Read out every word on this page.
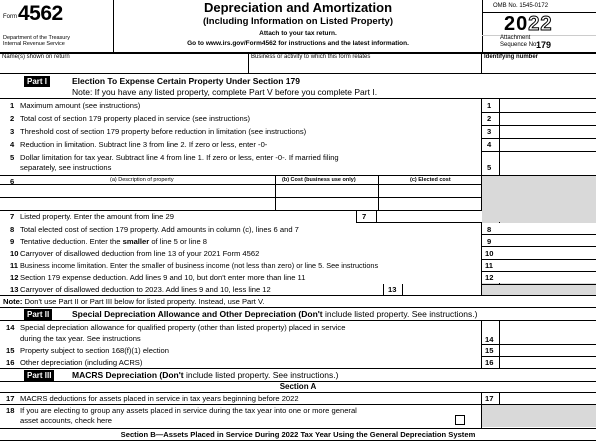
Form 4562
Department of the Treasury
Internal Revenue Service
Depreciation and Amortization
(Including Information on Listed Property)
Attach to your tax return.
Go to www.irs.gov/Form4562 for instructions and the latest information.
OMB No. 1545-0172
2022
Attachment
Sequence No.
179
Name(s) shown on return	Business or activity to which this form relates	Identifying number
Part I	Election To Expense Certain Property Under Section 179
Note: If you have any listed property, complete Part V before you complete Part I.
1 Maximum amount (see instructions)	1
2 Total cost of section 179 property placed in service (see instructions)	2
3 Threshold cost of section 179 property before reduction in limitation (see instructions)	3
4 Reduction in limitation. Subtract line 3 from line 2. If zero or less, enter -0-	4
5 Dollar limitation for tax year. Subtract line 4 from line 1. If zero or less, enter -0-. If married filing
separately, see instructions	5
6	(a) Description of property	(b) Cost (business use only)	(c) Elected cost
7 Listed property. Enter the amount from line 29	7
8 Total elected cost of section 179 property. Add amounts in column (c), lines 6 and 7	8
9 Tentative deduction. Enter the smaller of line 5 or line 8	9
10 Carryover of disallowed deduction from line 13 of your 2021 Form 4562	10
11 Business income limitation. Enter the smaller of business income (not less than zero) or line 5. See instructions	11
12 Section 179 expense deduction. Add lines 9 and 10, but don't enter more than line 11	12
13 Carryover of disallowed deduction to 2023. Add lines 9 and 10, less line 12	13
Note: Don't use Part II or Part III below for listed property. Instead, use Part V.
Part II	Special Depreciation Allowance and Other Depreciation (Don't include listed property. See instructions.)
14 Special depreciation allowance for qualified property (other than listed property) placed in service
during the tax year. See instructions	14
15 Property subject to section 168(f)(1) election	15
16 Other depreciation (including ACRS)	16
Part III	MACRS Depreciation (Don't include listed property. See instructions.)
Section A
17 MACRS deductions for assets placed in service in tax years beginning before 2022	17
18 If you are electing to group any assets placed in service during the tax year into one or more general
asset accounts, check here
Section B—Assets Placed in Service During 2022 Tax Year Using the General Depreciation System
